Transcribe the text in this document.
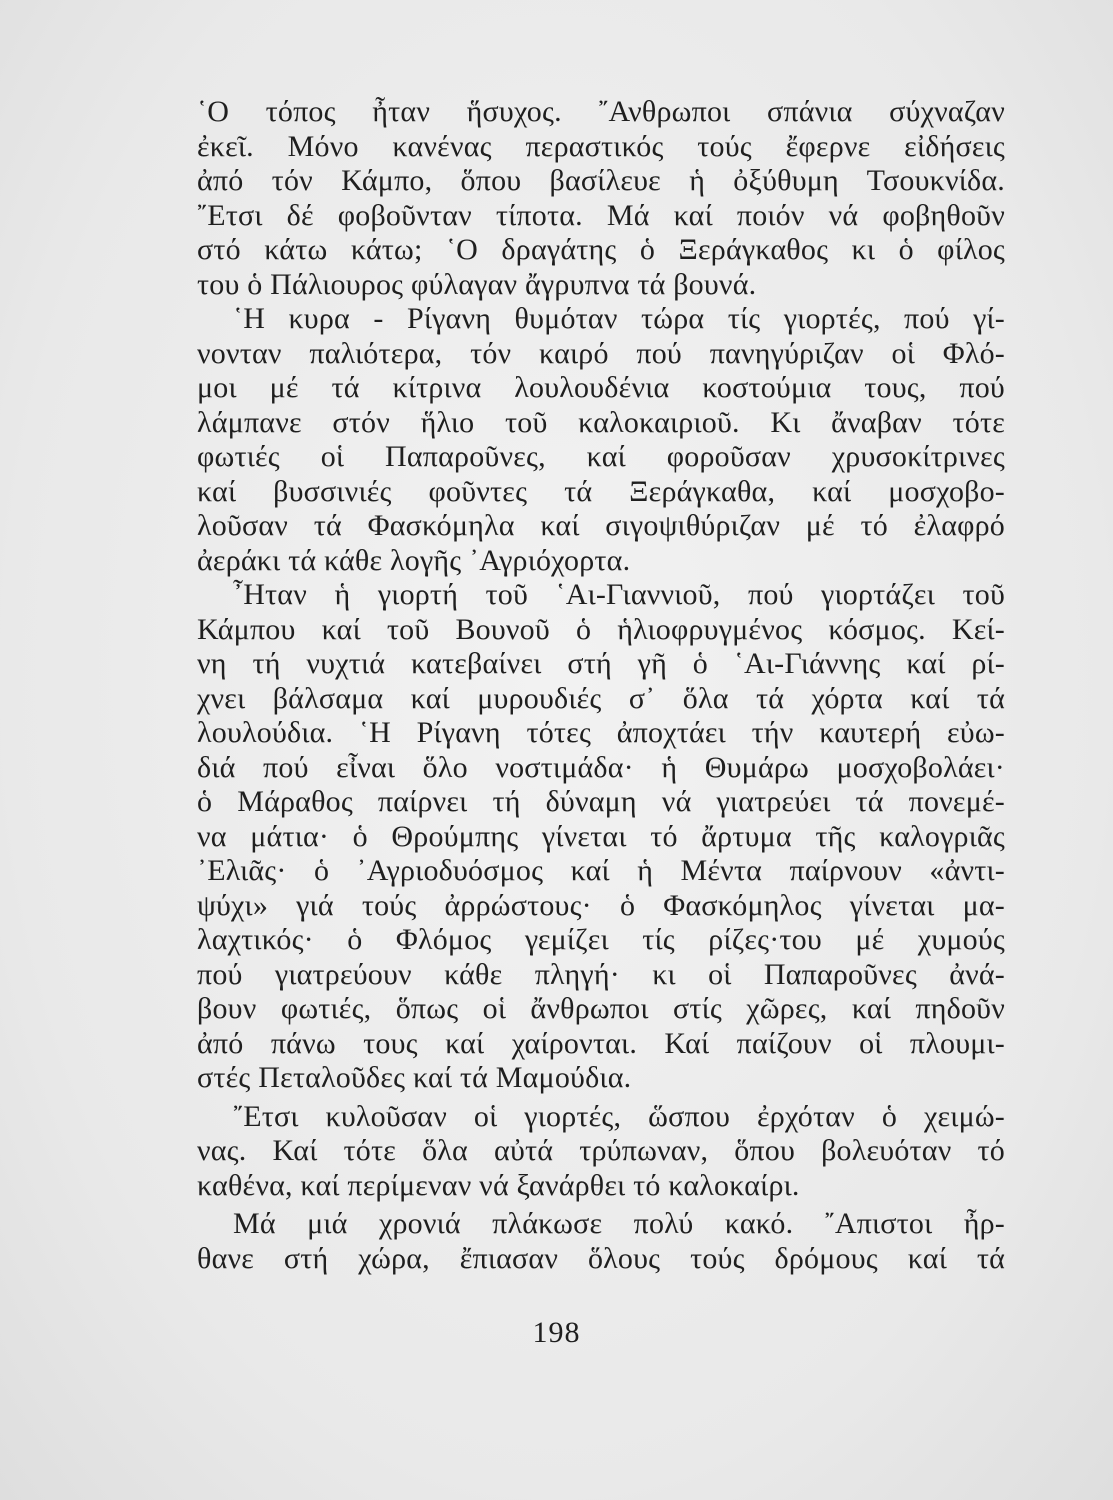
῾Ο τόπος ἦταν ἥσυχος. ῎Ανθρωποι σπάνια σύχναζαν
ἐκεῖ. Μόνο κανένας περαστικός τούς ἔφερνε εἰδήσεις
ἀπό τόν Κάμπο, ὅπου βασίλευε ἡ ὀξύθυμη Τσουκνίδα.
῎Ετσι δέ φοβοῦνταν τίποτα. Μά καί ποιόν νά φοβηθοῦν
στό κάτω κάτω; ῾Ο δραγάτης ὁ Ξεράγκαθος κι ὁ φίλος
του ὁ Πάλιουρος φύλαγαν ἄγρυπνα τά βουνά.
῾Η κυρα - Ρίγανη θυμόταν τώρα τίς γιορτές, πού γί-
νονταν παλιότερα, τόν καιρό πού πανηγύριζαν οἱ Φλό-
μοι μέ τά κίτρινα λουλουδένια κοστούμια τους, πού
λάμπανε στόν ἥλιο τοῦ καλοκαιριοῦ. Κι ἄναβαν τότε
φωτιές οἱ Παπαροῦνες, καί φοροῦσαν χρυσοκίτρινες
καί βυσσινιές φοῦντες τά Ξεράγκαθα, καί μοσχοβο-
λοῦσαν τά Φασκόμηλα καί σιγοψιθύριζαν μέ τό ἐλαφρό
ἀεράκι τά κάθε λογῆς ᾿Αγριόχορτα.
῏Ηταν ἡ γιορτή τοῦ ῾Αι-Γιαννιοῦ, πού γιορτάζει τοῦ
Κάμπου καί τοῦ Βουνοῦ ὁ ἡλιοφρυγμένος κόσμος. Κεί-
νη τή νυχτιά κατεβαίνει στή γῆ ὁ ῾Αι-Γιάννης καί ρί-
χνει βάλσαμα καί μυρουδιές σ᾿ ὅλα τά χόρτα καί τά
λουλούδια. ῾Η Ρίγανη τότες ἀποχτάει τήν καυτερή εὐω-
διά πού εἶναι ὅλο νοστιμάδα· ἡ Θυμάρω μοσχοβολάει·
ὁ Μάραθος παίρνει τή δύναμη νά γιατρεύει τά πονεμέ-
να μάτια· ὁ Θρούμπης γίνεται τό ἄρτυμα τῆς καλογριᾶς
᾿Ελιᾶς· ὁ ᾿Αγριοδυόσμος καί ἡ Μέντα παίρνουν «ἀντι-
ψύχι» γιά τούς ἀρρώστους· ὁ Φασκόμηλος γίνεται μα-
λαχτικός· ὁ Φλόμος γεμίζει τίς ρίζες·του μέ χυμούς
πού γιατρεύουν κάθε πληγή· κι οἱ Παπαροῦνες ἀνά-
βουν φωτιές, ὅπως οἱ ἄνθρωποι στίς χῶρες, καί πηδοῦν
ἀπό πάνω τους καί χαίρονται. Καί παίζουν οἱ πλουμι-
στές Πεταλοῦδες καί τά Μαμούδια.
῎Ετσι κυλοῦσαν οἱ γιορτές, ὥσπου ἐρχόταν ὁ χειμώ-
νας. Καί τότε ὅλα αὐτά τρύπωναν, ὅπου βολευόταν τό
καθένα, καί περίμεναν νά ξανάρθει τό καλοκαίρι.
Μά μιά χρονιά πλάκωσε πολύ κακό. ῎Απιστοι ἦρ-
θανε στή χώρα, ἔπιασαν ὅλους τούς δρόμους καί τά
198
